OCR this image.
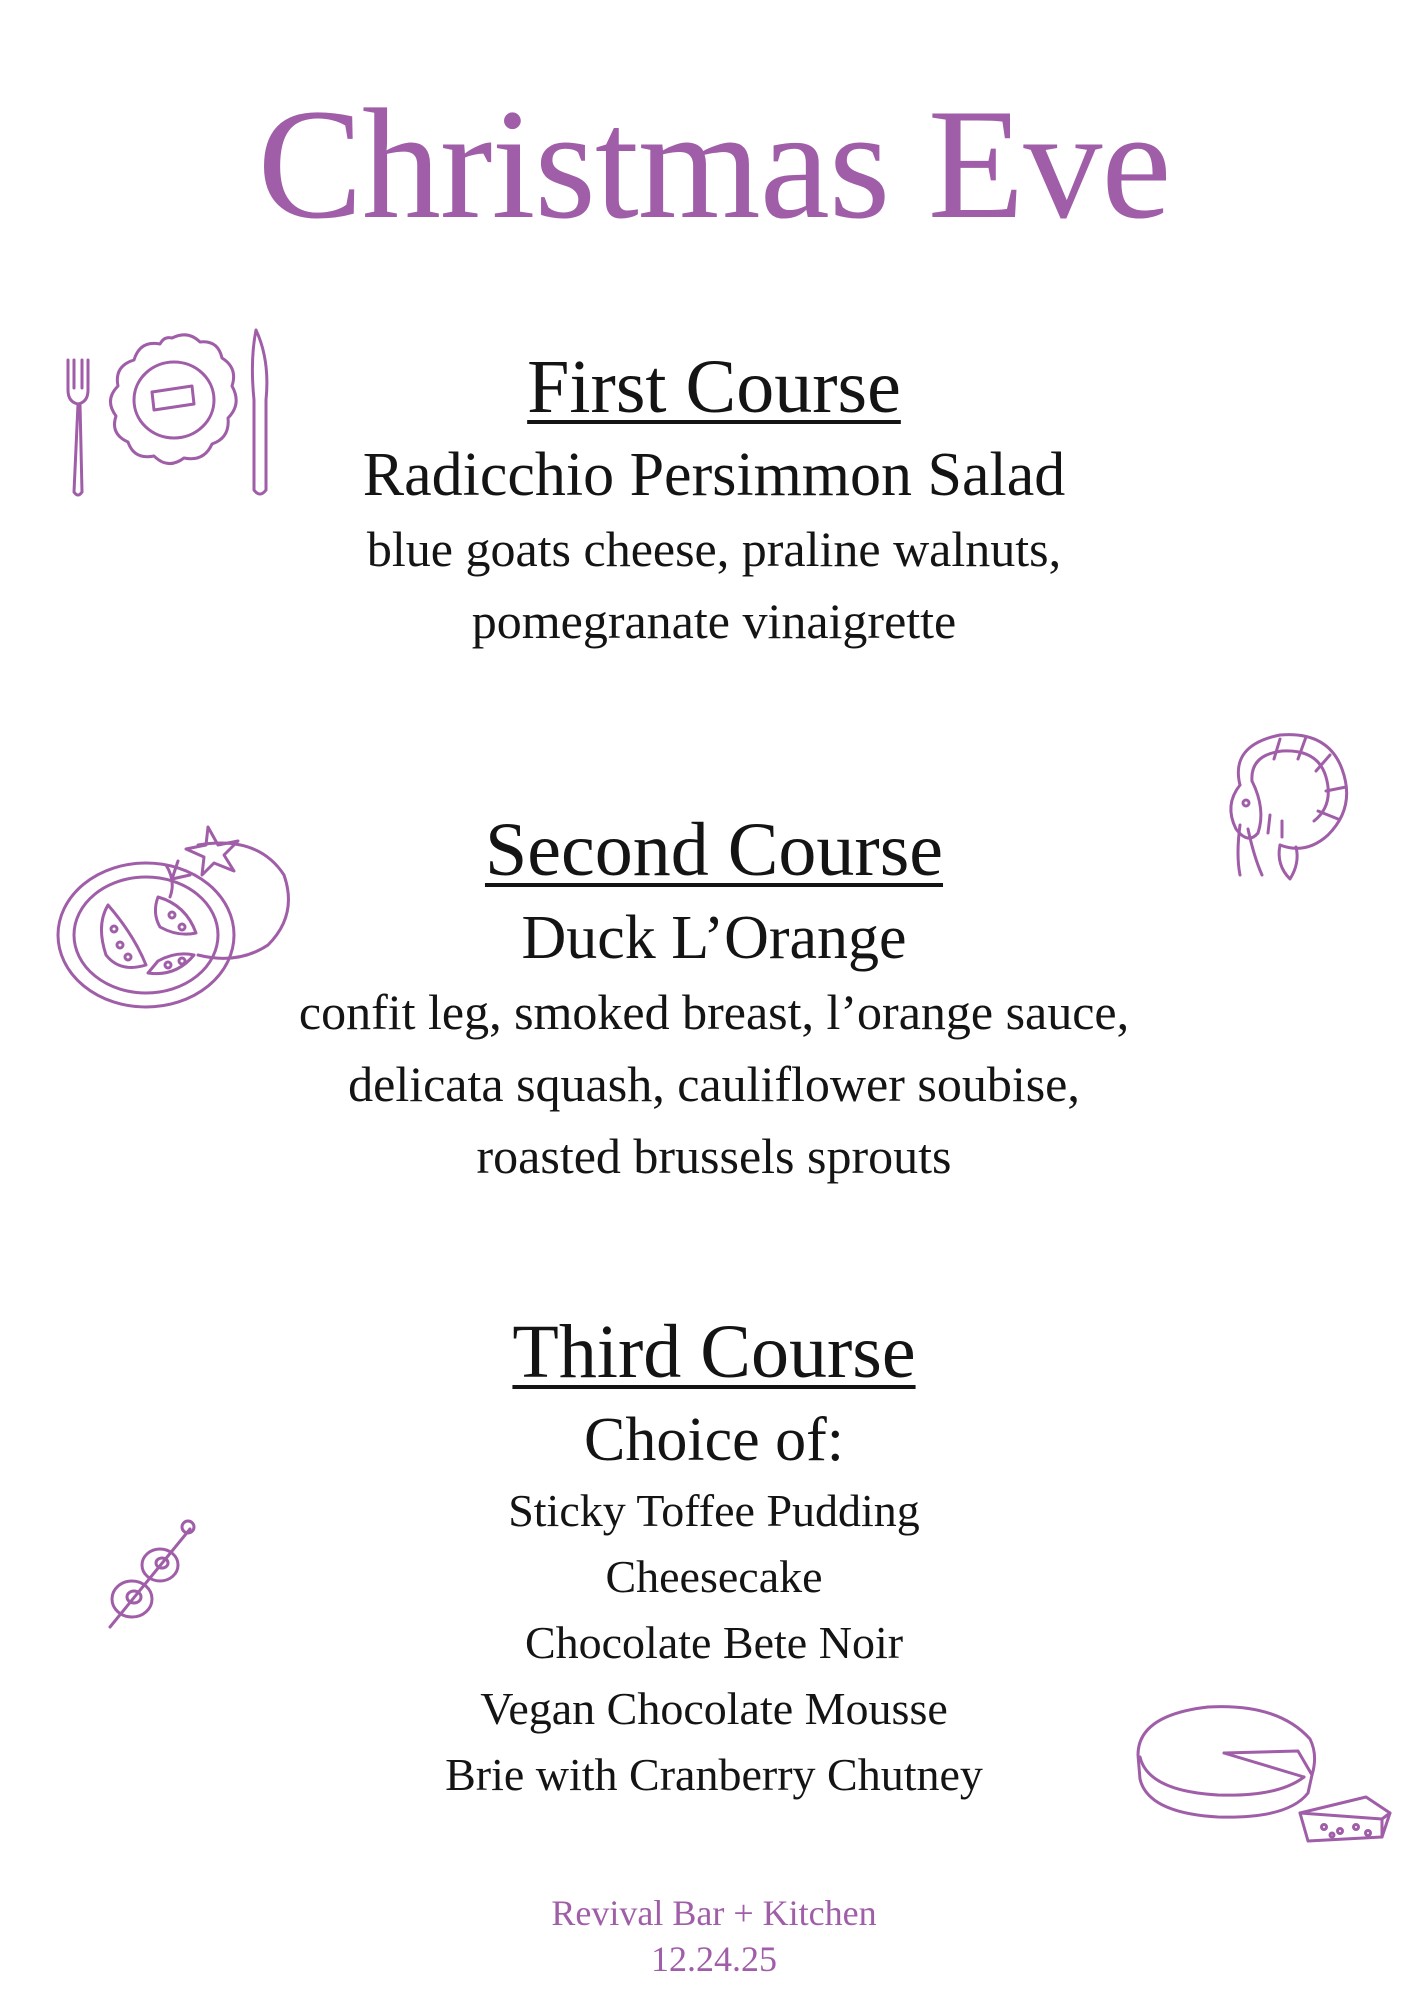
Christmas Eve
First Course
Radicchio Persimmon Salad
blue goats cheese, praline walnuts,
pomegranate vinaigrette
Second Course
Duck L’Orange
confit leg, smoked breast, l’orange sauce,
delicata squash, cauliflower soubise,
roasted brussels sprouts
Third Course
Choice of:
Sticky Toffee Pudding
Cheesecake
Chocolate Bete Noir
Vegan Chocolate Mousse
Brie with Cranberry Chutney
Revival Bar + Kitchen
12.24.25
